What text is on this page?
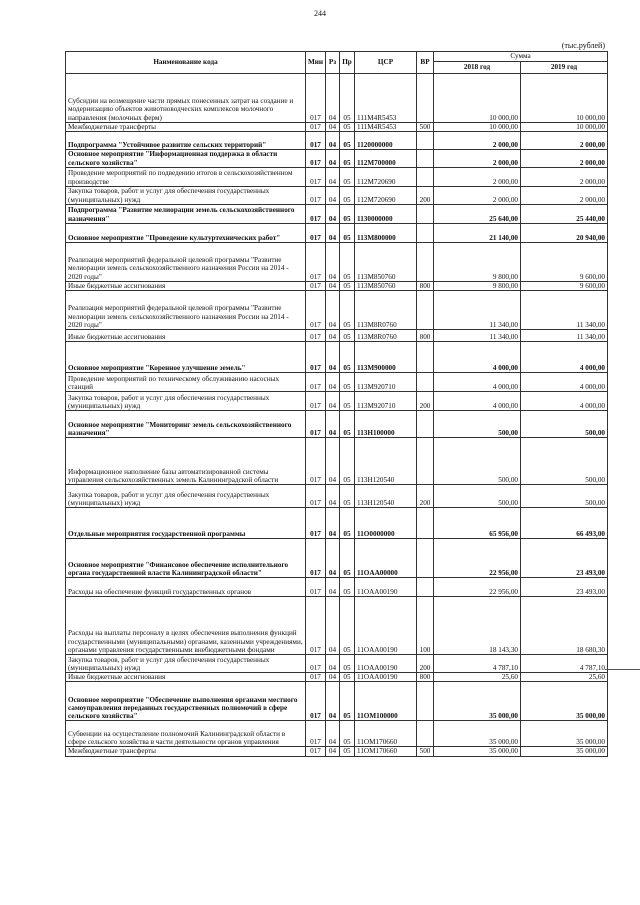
244
(тыс.рублей)
Наименование кода	Мин	Рз	Пр	ЦСР	ВР	Сумма	
						2018 год	2019 год
Субсидии на возмещение части прямых понесенных затрат на создание и модернизацию объектов животноводческих комплексов молочного направления (молочных ферм)	017	04	05	111M4R5453		10 000,00	10 000,00
Межбюджетные трансферты	017	04	05	111M4R5453	500	10 000,00	10 000,00
Подпрограмма "Устойчивое развитие сельских территорий"	017	04	05	1120000000		2 000,00	2 000,00
Основное мероприятие "Информационная поддержка в области сельского хозяйства"	017	04	05	112M700000		2 000,00	2 000,00
Проведение мероприятий по подведению итогов в сельскохозяйственном производстве	017	04	05	112M720690		2 000,00	2 000,00
Закупка товаров, работ и услуг для обеспечения государственных (муниципальных) нужд	017	04	05	112M720690	200	2 000,00	2 000,00
Подпрограмма "Развитие мелиорации земель сельскохозяйственного назначения"	017	04	05	1130000000		25 640,00	25 440,00
Основное мероприятие "Проведение культуртехнических работ"	017	04	05	113M800000		21 140,00	20 940,00
Реализация мероприятий федеральной целевой программы "Развитие мелиорации земель сельскохозяйственного назначения России на 2014 - 2020 годы"	017	04	05	113M850760		9 800,00	9 600,00
Иные бюджетные ассигнования	017	04	05	113M850760	800	9 800,00	9 600,00
Реализация мероприятий федеральной целевой программы "Развитие мелиорации земель сельскохозяйственного назначения России на 2014 - 2020 годы"	017	04	05	113M8R0760		11 340,00	11 340,00
Иные бюджетные ассигнования	017	04	05	113M8R0760	800	11 340,00	11 340,00
Основное мероприятие "Коренное улучшение земель"	017	04	05	113M900000		4 000,00	4 000,00
Проведение мероприятий по техническому обслуживанию насосных станций	017	04	05	113M920710		4 000,00	4 000,00
Закупка товаров, работ и услуг для обеспечения государственных (муниципальных) нужд	017	04	05	113M920710	200	4 000,00	4 000,00
Основное мероприятие "Мониторинг земель сельскохозяйственного назначения"	017	04	05	113H100000		500,00	500,00
Информационное наполнение базы автоматизированной системы управления сельскохозяйственных земель Калининградской области	017	04	05	113H120540		500,00	500,00
Закупка товаров, работ и услуг для обеспечения государственных (муниципальных) нужд	017	04	05	113H120540	200	500,00	500,00
Отдельные мероприятия государственной программы	017	04	05	11O0000000		65 956,00	66 493,00
Основное мероприятие "Финансовое обеспечение исполнительного органа государственной власти Калининградской области"	017	04	05	11OAA00000		22 956,00	23 493,00
Расходы на обеспечение функций государственных органов	017	04	05	11OAA00190		22 956,00	23 493,00
Расходы на выплаты персоналу в целях обеспечения выполнения функций государственными (муниципальными) органами, казенными учреждениями, органами управления государственными внебюджетными фондами	017	04	05	11OAA00190	100	18 143,30	18 680,30
Закупка товаров, работ и услуг для обеспечения государственных (муниципальных) нужд	017	04	05	11OAA00190	200	4 787,10	4 787,10
Иные бюджетные ассигнования	017	04	05	11OAA00190	800	25,60	25,60
Основное мероприятие "Обеспечение выполнения органами местного самоуправления переданных государственных полномочий в сфере сельского хозяйства"	017	04	05	11OM100000		35 000,00	35 000,00
Субвенции на осуществление полномочий Калининградской области в сфере сельского хозяйства в части деятельности органов управления	017	04	05	11OM170660		35 000,00	35 000,00
Межбюджетные трансферты	017	04	05	11OM170660	500	35 000,00	35 000,00
